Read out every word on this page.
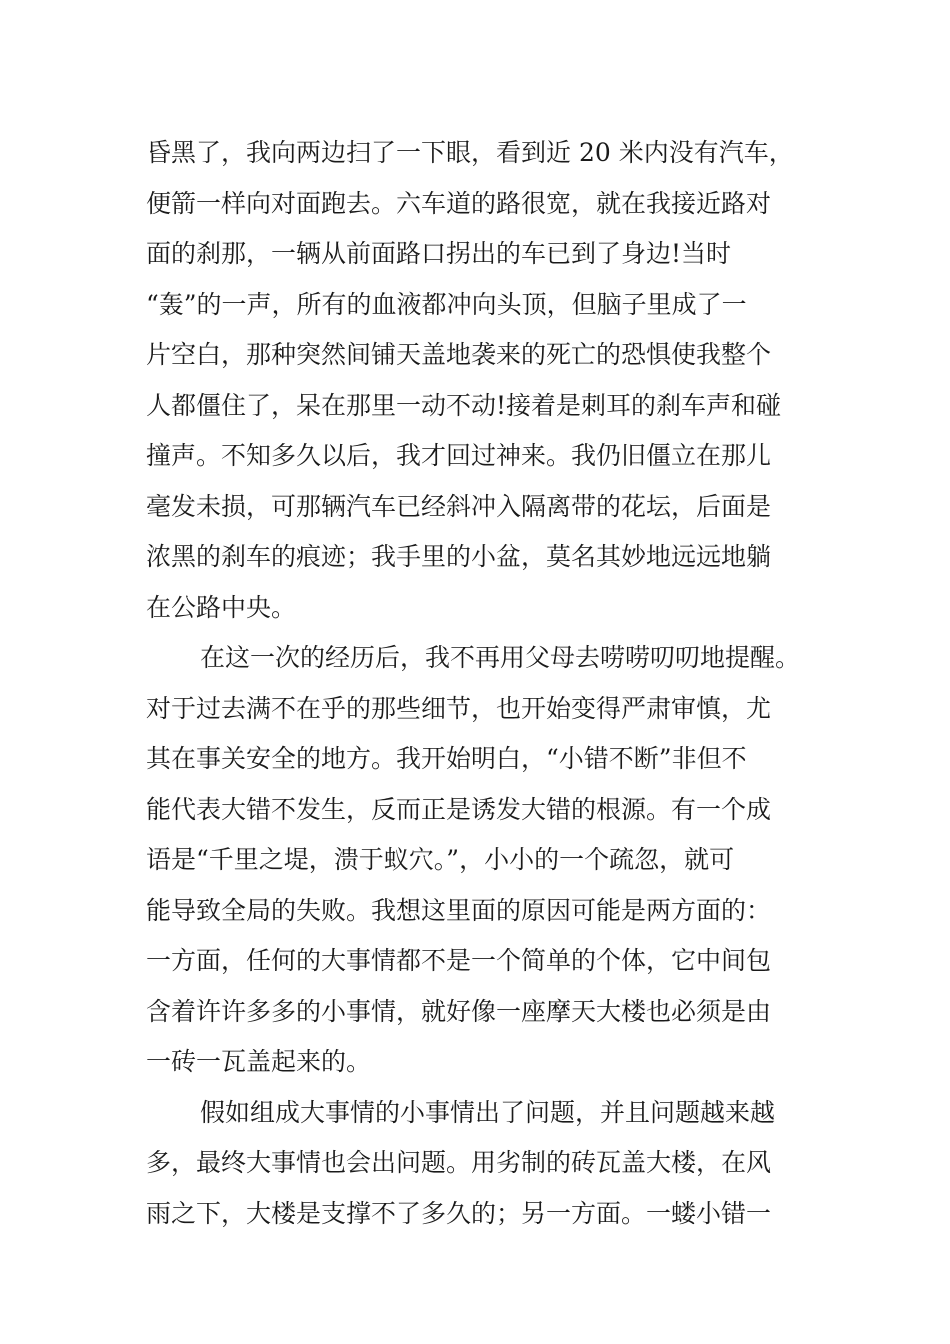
昏黑了，我向两边扫了一下眼，看到近 20 米内没有汽车，
便箭一样向对面跑去。六车道的路很宽，就在我接近路对
面的刹那，一辆从前面路口拐出的车已到了身边!当时
“轰”的一声，所有的血液都冲向头顶，但脑子里成了一
片空白，那种突然间铺天盖地袭来的死亡的恐惧使我整个
人都僵住了，呆在那里一动不动!接着是刺耳的刹车声和碰
撞声。不知多久以后，我才回过神来。我仍旧僵立在那儿
毫发未损，可那辆汽车已经斜冲入隔离带的花坛，后面是
浓黑的刹车的痕迹；我手里的小盆，莫名其妙地远远地躺
在公路中央。
在这一次的经历后，我不再用父母去唠唠叨叨地提醒。
对于过去满不在乎的那些细节，也开始变得严肃审慎，尤
其在事关安全的地方。我开始明白，“小错不断”非但不
能代表大错不发生，反而正是诱发大错的根源。有一个成
语是“千里之堤，溃于蚁穴。”，小小的一个疏忽，就可
能导致全局的失败。我想这里面的原因可能是两方面的：
一方面，任何的大事情都不是一个简单的个体，它中间包
含着许许多多的小事情，就好像一座摩天大楼也必须是由
一砖一瓦盖起来的。
假如组成大事情的小事情出了问题，并且问题越来越
多，最终大事情也会出问题。用劣制的砖瓦盖大楼，在风
雨之下，大楼是支撑不了多久的；另一方面。一蝼小错一
